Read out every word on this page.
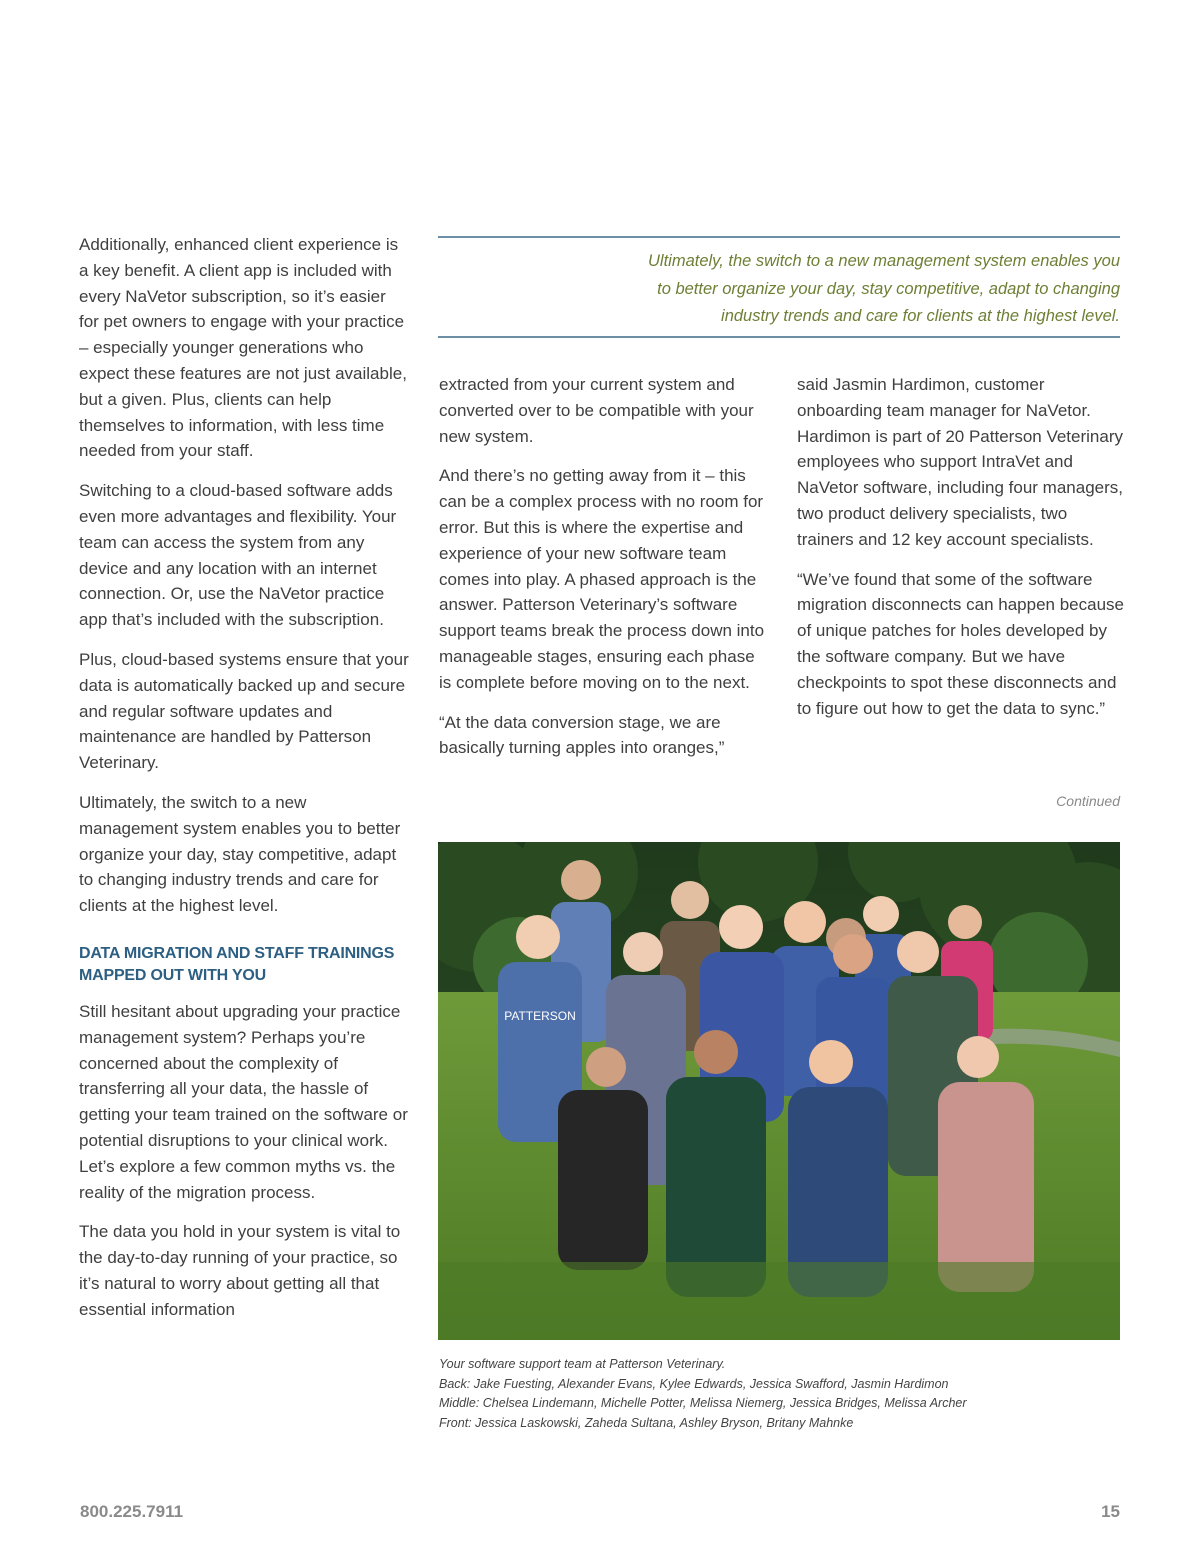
Additionally, enhanced client experience is a key benefit. A client app is included with every NaVetor subscription, so it’s easier for pet owners to engage with your practice – especially younger generations who expect these features are not just available, but a given. Plus, clients can help themselves to information, with less time needed from your staff.

Switching to a cloud-based software adds even more advantages and flexibility. Your team can access the system from any device and any location with an internet connection. Or, use the NaVetor practice app that’s included with the subscription.

Plus, cloud-based systems ensure that your data is automatically backed up and secure and regular software updates and maintenance are handled by Patterson Veterinary.

Ultimately, the switch to a new management system enables you to better organize your day, stay competitive, adapt to changing industry trends and care for clients at the highest level.

DATA MIGRATION AND STAFF TRAININGS MAPPED OUT WITH YOU

Still hesitant about upgrading your practice management system? Perhaps you’re concerned about the complexity of transferring all your data, the hassle of getting your team trained on the software or potential disruptions to your clinical work. Let’s explore a few common myths vs. the reality of the migration process.

The data you hold in your system is vital to the day-to-day running of your practice, so it’s natural to worry about getting all that essential information

Ultimately, the switch to a new management system enables you
to better organize your day, stay competitive, adapt to changing
industry trends and care for clients at the highest level.

extracted from your current system and converted over to be compatible with your new system.

And there’s no getting away from it – this can be a complex process with no room for error. But this is where the expertise and experience of your new software team comes into play. A phased approach is the answer. Patterson Veterinary’s software support teams break the process down into manageable stages, ensuring each phase is complete before moving on to the next.

“At the data conversion stage, we are basically turning apples into oranges,”

said Jasmin Hardimon, customer onboarding team manager for NaVetor. Hardimon is part of 20 Patterson Veterinary employees who support IntraVet and NaVetor software, including four managers, two product delivery specialists, two trainers and 12 key account specialists.

“We’ve found that some of the software migration disconnects can happen because of unique patches for holes developed by the software company. But we have checkpoints to spot these disconnects and to figure out how to get the data to sync.”

Continued
PATTERSON
Your software support team at Patterson Veterinary.
Back: Jake Fuesting, Alexander Evans, Kylee Edwards, Jessica Swafford, Jasmin Hardimon
Middle: Chelsea Lindemann, Michelle Potter, Melissa Niemerg, Jessica Bridges, Melissa Archer
Front: Jessica Laskowski, Zaheda Sultana, Ashley Bryson, Britany Mahnke
800.225.7911	15
